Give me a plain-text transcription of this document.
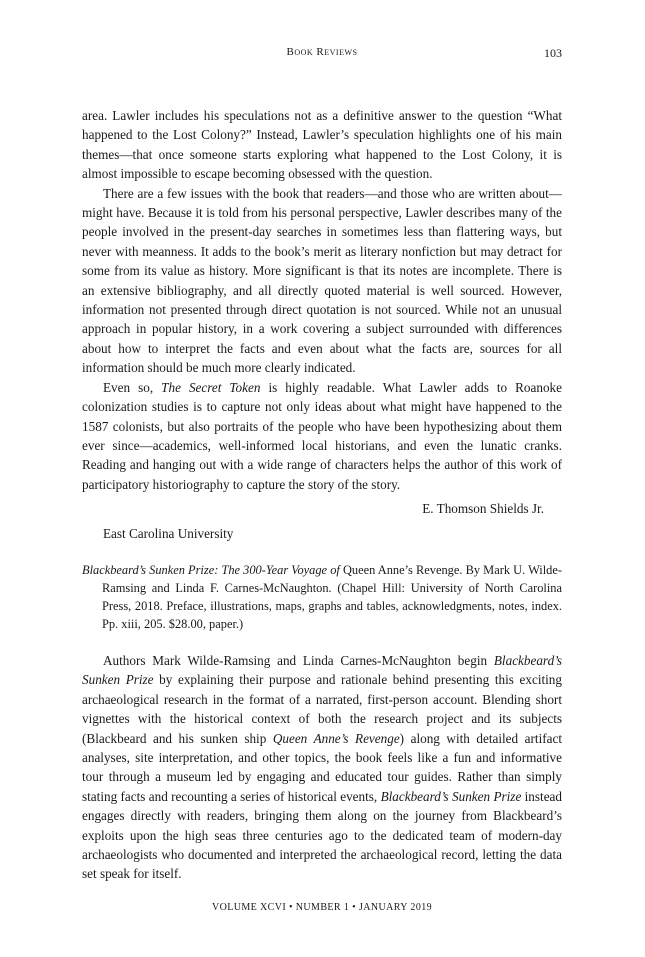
Book Reviews	103

area. Lawler includes his speculations not as a definitive answer to the question “What happened to the Lost Colony?” Instead, Lawler’s speculation highlights one of his main themes—that once someone starts exploring what happened to the Lost Colony, it is almost impossible to escape becoming obsessed with the question.

There are a few issues with the book that readers—and those who are written about—might have. Because it is told from his personal perspective, Lawler describes many of the people involved in the present-day searches in sometimes less than flattering ways, but never with meanness. It adds to the book’s merit as literary nonfiction but may detract for some from its value as history. More significant is that its notes are incomplete. There is an extensive bibliography, and all directly quoted material is well sourced. However, information not presented through direct quotation is not sourced. While not an unusual approach in popular history, in a work covering a subject surrounded with differences about how to interpret the facts and even about what the facts are, sources for all information should be much more clearly indicated.

Even so, The Secret Token is highly readable. What Lawler adds to Roanoke colonization studies is to capture not only ideas about what might have happened to the 1587 colonists, but also portraits of the people who have been hypothesizing about them ever since—academics, well-informed local historians, and even the lunatic cranks. Reading and hanging out with a wide range of characters helps the author of this work of participatory historiography to capture the story of the story.

E. Thomson Shields Jr.

East Carolina University

Blackbeard’s Sunken Prize: The 300-Year Voyage of Queen Anne’s Revenge. By Mark U. Wilde-Ramsing and Linda F. Carnes-McNaughton. (Chapel Hill: University of North Carolina Press, 2018. Preface, illustrations, maps, graphs and tables, acknowledgments, notes, index. Pp. xiii, 205. $28.00, paper.)

Authors Mark Wilde-Ramsing and Linda Carnes-McNaughton begin Blackbeard’s Sunken Prize by explaining their purpose and rationale behind presenting this exciting archaeological research in the format of a narrated, first-person account. Blending short vignettes with the historical context of both the research project and its subjects (Blackbeard and his sunken ship Queen Anne’s Revenge) along with detailed artifact analyses, site interpretation, and other topics, the book feels like a fun and informative tour through a museum led by engaging and educated tour guides. Rather than simply stating facts and recounting a series of historical events, Blackbeard’s Sunken Prize instead engages directly with readers, bringing them along on the journey from Blackbeard’s exploits upon the high seas three centuries ago to the dedicated team of modern-day archaeologists who documented and interpreted the archaeological record, letting the data set speak for itself.

VOLUME XCVI • NUMBER 1 • JANUARY 2019
